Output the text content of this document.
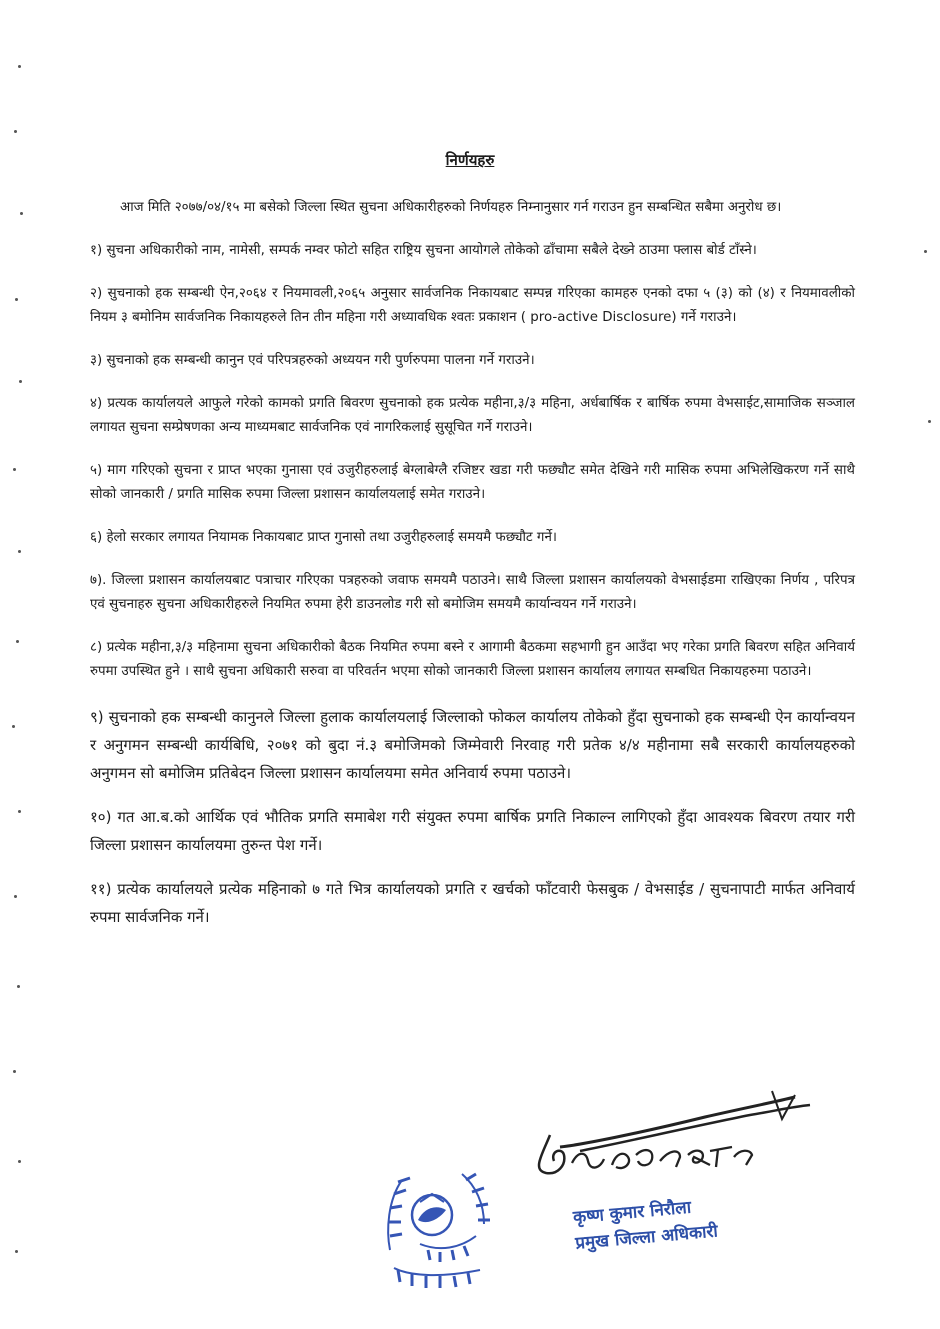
निर्णयहरु

आज मिति २०७७/०४/१५ मा बसेको जिल्ला स्थित सुचना अधिकारीहरुको निर्णयहरु निम्नानुसार गर्न गराउन हुन सम्बन्धित सबैमा अनुरोध छ।

१) सुचना अधिकारीको नाम, नामेसी, सम्पर्क नम्वर फोटो सहित राष्ट्रिय सुचना आयोगले तोकेको ढाँचामा सबैले देख्ने ठाउमा फ्लास बोर्ड टाँस्ने।

२) सुचनाको हक सम्बन्धी ऐन,२०६४ र नियमावली,२०६५ अनुसार सार्वजनिक निकायबाट सम्पन्न गरिएका कामहरु एनको दफा ५ (३) को (४) र नियमावलीको नियम ३ बमोनिम सार्वजनिक निकायहरुले तिन तीन महिना गरी अध्यावधिक श्वतः प्रकाशन ( pro-active Disclosure) गर्ने गराउने।

३) सुचनाको हक सम्बन्धी कानुन एवं परिपत्रहरुको अध्ययन गरी पुर्णरुपमा पालना गर्ने गराउने।

४) प्रत्यक कार्यालयले आफुले गरेको कामको प्रगति बिवरण सुचनाको हक प्रत्येक महीना,३/३ महिना, अर्धबार्षिक र बार्षिक रुपमा वेभसाईट,सामाजिक सञ्जाल लगायत सुचना सम्प्रेषणका अन्य माध्यमबाट सार्वजनिक एवं नागरिकलाई सुसूचित गर्ने गराउने।

५) माग गरिएको सुचना र प्राप्त भएका गुनासा एवं उजुरीहरुलाई बेग्लाबेग्लै रजिष्टर खडा गरी फछ्यौट समेत देखिने गरी मासिक रुपमा अभिलेखिकरण गर्ने साथै सोको जानकारी / प्रगति मासिक रुपमा जिल्ला प्रशासन कार्यालयलाई समेत गराउने।

६) हेलो सरकार लगायत नियामक निकायबाट प्राप्त गुनासो तथा उजुरीहरुलाई समयमै फछ्यौट गर्ने।

७). जिल्ला प्रशासन कार्यालयबाट पत्राचार गरिएका पत्रहरुको जवाफ समयमै पठाउने। साथै जिल्ला प्रशासन कार्यालयको वेभसाईडमा राखिएका निर्णय , परिपत्र एवं सुचनाहरु सुचना अधिकारीहरुले नियमित रुपमा हेरी डाउनलोड गरी सो बमोजिम समयमै कार्यान्वयन गर्ने गराउने।

८) प्रत्येक महीना,३/३ महिनामा सुचना अधिकारीको बैठक नियमित रुपमा बस्ने र आगामी बैठकमा सहभागी हुन आउँदा भए गरेका प्रगति बिवरण सहित अनिवार्य रुपमा उपस्थित हुने । साथै सुचना अधिकारी सरुवा वा परिवर्तन भएमा सोको जानकारी जिल्ला प्रशासन कार्यालय लगायत सम्बधित निकायहरुमा पठाउने।

९) सुचनाको हक सम्बन्धी कानुनले जिल्ला हुलाक कार्यालयलाई जिल्लाको फोकल कार्यालय तोकेको हुँदा सुचनाको हक सम्बन्धी ऐन कार्यान्वयन र अनुगमन सम्बन्धी कार्यबिधि, २०७१ को बुदा नं.३ बमोजिमको जिम्मेवारी निरवाह गरी प्रतेक ४/४ महीनामा सबै सरकारी कार्यालयहरुको अनुगमन सो बमोजिम प्रतिबेदन जिल्ला प्रशासन कार्यालयमा समेत अनिवार्य रुपमा पठाउने।

१०) गत आ.ब.को आर्थिक एवं भौतिक प्रगति समाबेश गरी संयुक्त रुपमा बार्षिक प्रगति निकाल्न लागिएको हुँदा आवश्यक बिवरण तयार गरी जिल्ला प्रशासन कार्यालयमा तुरुन्त पेश गर्ने।

११) प्रत्येक कार्यालयले प्रत्येक महिनाको ७ गते भित्र कार्यालयको प्रगति र खर्चको फाँटवारी फेसबुक / वेभसाईड / सुचनापाटी मार्फत अनिवार्य रुपमा सार्वजनिक गर्ने।

कृष्ण कुमार निरौला
प्रमुख जिल्ला अधिकारी
